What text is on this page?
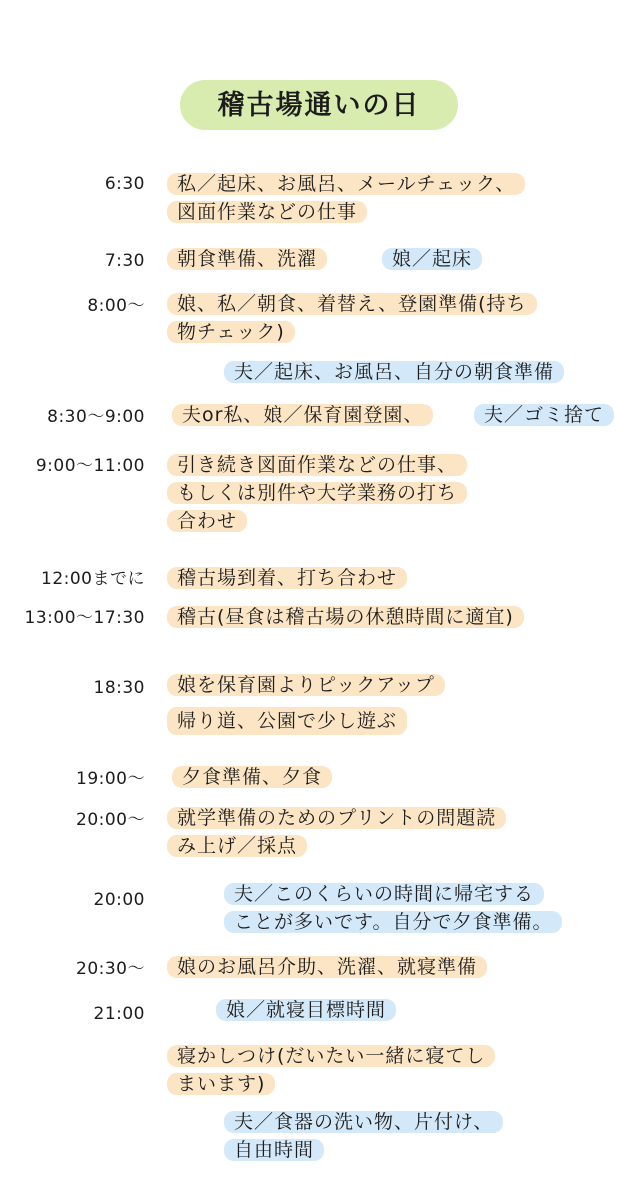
稽古場通いの日
6:30 私／起床、お風呂、メールチェック、
図面作業などの仕事
7:30 朝食準備、洗濯	娘／起床
8:00〜 娘、私／朝食、着替え、登園準備(持ち
物チェック)
夫／起床、お風呂、自分の朝食準備
8:30〜9:00 夫or私、娘／保育園登園、	夫／ゴミ捨て
9:00〜11:00 引き続き図面作業などの仕事、
もしくは別件や大学業務の打ち
合わせ
12:00までに 稽古場到着、打ち合わせ
13:00〜17:30 稽古(昼食は稽古場の休憩時間に適宜)
18:30 娘を保育園よりピックアップ
帰り道、公園で少し遊ぶ
19:00〜 夕食準備、夕食
20:00〜 就学準備のためのプリントの問題読
み上げ／採点
20:00	夫／このくらいの時間に帰宅する
ことが多いです。自分で夕食準備。
20:30〜 娘のお風呂介助、洗濯、就寝準備
21:00	娘／就寝目標時間
寝かしつけ(だいたい一緒に寝てし
まいます)
夫／食器の洗い物、片付け、
自由時間
